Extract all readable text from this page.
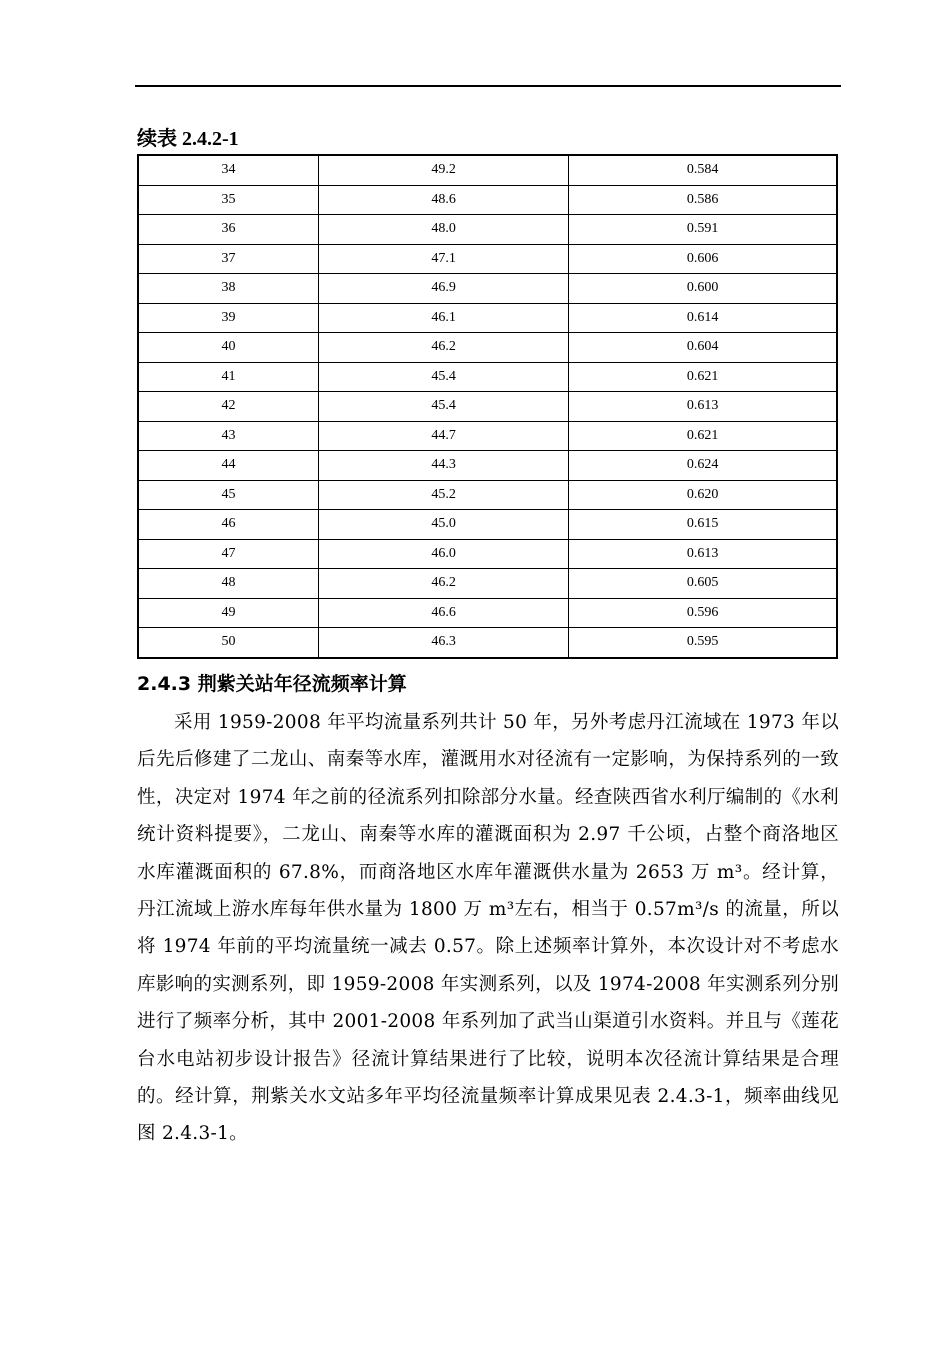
续表 2.4.2-1
34	49.2	0.584
35	48.6	0.586
36	48.0	0.591
37	47.1	0.606
38	46.9	0.600
39	46.1	0.614
40	46.2	0.604
41	45.4	0.621
42	45.4	0.613
43	44.7	0.621
44	44.3	0.624
45	45.2	0.620
46	45.0	0.615
47	46.0	0.613
48	46.2	0.605
49	46.6	0.596
50	46.3	0.595
2.4.3 荆紫关站年径流频率计算

采用 1959-2008 年平均流量系列共计 50 年，另外考虑丹江流域在 1973 年以后先后修建了二龙山、南秦等水库，灌溉用水对径流有一定影响，为保持系列的一致性，决定对 1974 年之前的径流系列扣除部分水量。经查陕西省水利厅编制的《水利统计资料提要》，二龙山、南秦等水库的灌溉面积为 2.97 千公顷，占整个商洛地区水库灌溉面积的 67.8%，而商洛地区水库年灌溉供水量为 2653 万 m³。经计算，丹江流域上游水库每年供水量为 1800 万 m³左右，相当于 0.57m³/s 的流量，所以将 1974 年前的平均流量统一减去 0.57。除上述频率计算外，本次设计对不考虑水库影响的实测系列，即 1959-2008 年实测系列，以及 1974-2008 年实测系列分别进行了频率分析，其中 2001-2008 年系列加了武当山渠道引水资料。并且与《莲花台水电站初步设计报告》径流计算结果进行了比较，说明本次径流计算结果是合理的。经计算，荆紫关水文站多年平均径流量频率计算成果见表 2.4.3-1，频率曲线见图 2.4.3-1。
